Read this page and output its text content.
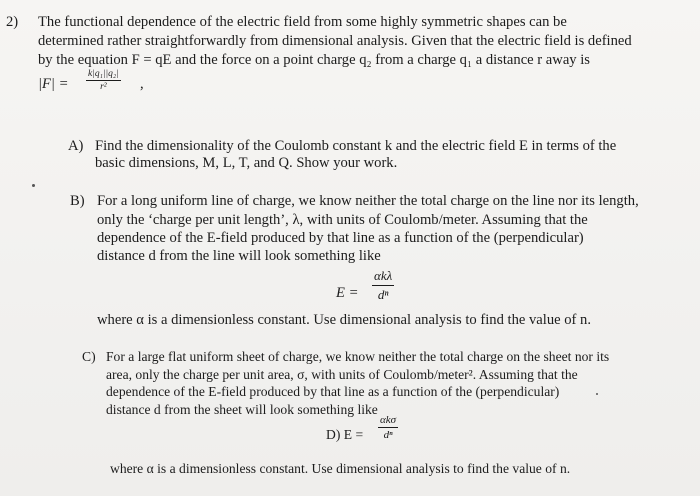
2) The functional dependence of the electric field from some highly symmetric shapes can be
determined rather straightforwardly from dimensional analysis. Given that the electric field is defined
by the equation F = qE and the force on a point charge q₂ from a charge q₁ a distance r away is
$|F| = \frac{\text{k|q₁||q₂|}}{\text{r²}}$ ,
A) Find the dimensionality of the Coulomb constant k and the electric field E in terms of the
basic dimensions, M, L, T, and Q. Show your work.
B) For a long uniform line of charge, we know neither the total charge on the line nor its length,
only the ‘charge per unit length’, λ, with units of Coulomb/meter. Assuming that the
dependence of the E-field produced by that line as a function of the (perpendicular)
distance d from the line will look something like
E =
αkλ
dⁿ
where α is a dimensionless constant. Use dimensional analysis to find the value of n.
C) For a large flat uniform sheet of charge, we know neither the total charge on the sheet nor its
area, only the charge per unit area, σ, with units of Coulomb/meter². Assuming that the
dependence of the E-field produced by that line as a function of the (perpendicular)
distance d from the sheet will look something like
D) E =
αkσ
dⁿ
where α is a dimensionless constant. Use dimensional analysis to find the value of n.
